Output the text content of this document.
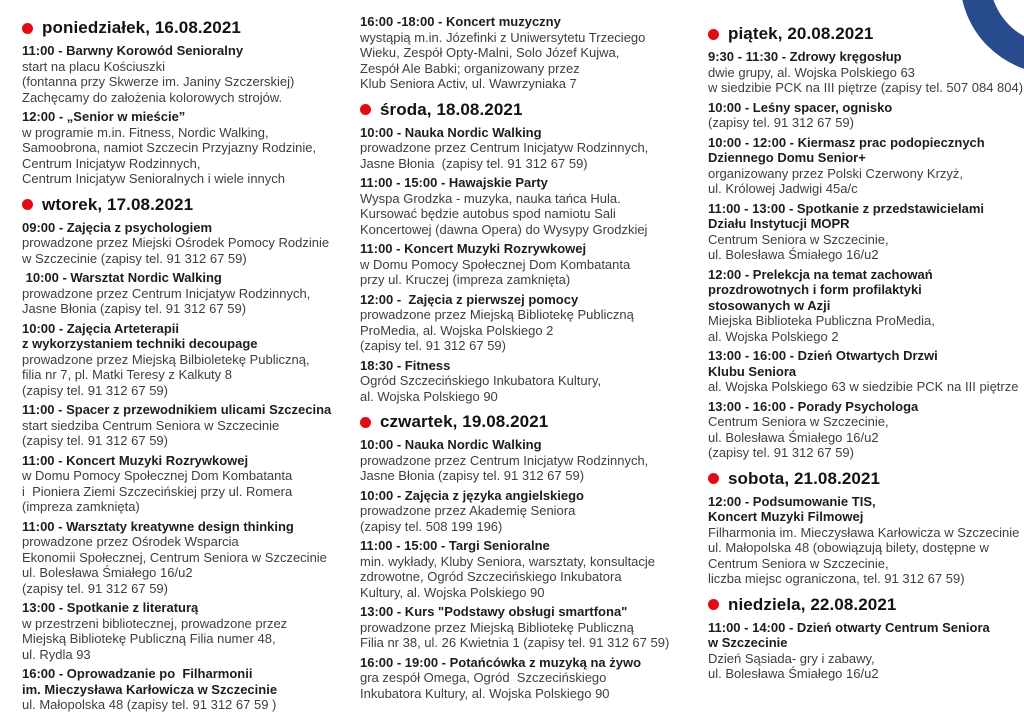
poniedziałek, 16.08.2021
11:00 - Barwny Korowód Senioralny
start na placu Kościuszki
(fontanna przy Skwerze im. Janiny Szczerskiej)
Zachęcamy do założenia kolorowych strojów.
12:00 - „Senior w mieście”
w programie m.in. Fitness, Nordic Walking,
Samoobrona, namiot Szczecin Przyjazny Rodzinie,
Centrum Inicjatyw Rodzinnych,
Centrum Inicjatyw Senioralnych i wiele innych
wtorek, 17.08.2021
09:00 - Zajęcia z psychologiem
prowadzone przez Miejski Ośrodek Pomocy Rodzinie
w Szczecinie (zapisy tel. 91 312 67 59)
10:00 - Warsztat Nordic Walking
prowadzone przez Centrum Inicjatyw Rodzinnych,
Jasne Błonia (zapisy tel. 91 312 67 59)
10:00 - Zajęcia Arteterapii
z wykorzystaniem techniki decoupage
prowadzone przez Miejską Bilbioletekę Publiczną,
filia nr 7, pl. Matki Teresy z Kalkuty 8
(zapisy tel. 91 312 67 59)
11:00 - Spacer z przewodnikiem ulicami Szczecina
start siedziba Centrum Seniora w Szczecinie
(zapisy tel. 91 312 67 59)
11:00 - Koncert Muzyki Rozrywkowej
w Domu Pomocy Społecznej Dom Kombatanta
i  Pioniera Ziemi Szczecińskiej przy ul. Romera
(impreza zamknięta)
11:00 - Warsztaty kreatywne design thinking
prowadzone przez Ośrodek Wsparcia
Ekonomii Społecznej, Centrum Seniora w Szczecinie
ul. Bolesława Śmiałego 16/u2
(zapisy tel. 91 312 67 59)
13:00 - Spotkanie z literaturą
w przestrzeni bibliotecznej, prowadzone przez
Miejską Bibliotekę Publiczną Filia numer 48,
ul. Rydla 93
16:00 - Oprowadzanie po  Filharmonii
im. Mieczysława Karłowicza w Szczecinie
ul. Małopolska 48 (zapisy tel. 91 312 67 59 )
16:00 -18:00 - Koncert muzyczny
wystąpią m.in. Józefinki z Uniwersytetu Trzeciego
Wieku, Zespół Opty-Malni, Solo Józef Kujwa,
Zespół Ale Babki; organizowany przez
Klub Seniora Activ, ul. Wawrzyniaka 7
środa, 18.08.2021
10:00 - Nauka Nordic Walking
prowadzone przez Centrum Inicjatyw Rodzinnych,
Jasne Błonia  (zapisy tel. 91 312 67 59)
11:00 - 15:00 - Hawajskie Party
Wyspa Grodzka - muzyka, nauka tańca Hula.
Kursować będzie autobus spod namiotu Sali
Koncertowej (dawna Opera) do Wysypy Grodzkiej
11:00 - Koncert Muzyki Rozrywkowej
w Domu Pomocy Społecznej Dom Kombatanta
przy ul. Kruczej (impreza zamknięta)
12:00 -  Zajęcia z pierwszej pomocy
prowadzone przez Miejską Bibliotekę Publiczną
ProMedia, al. Wojska Polskiego 2
(zapisy tel. 91 312 67 59)
18:30 - Fitness
Ogród Szczecińskiego Inkubatora Kultury,
al. Wojska Polskiego 90
czwartek, 19.08.2021
10:00 - Nauka Nordic Walking
prowadzone przez Centrum Inicjatyw Rodzinnych,
Jasne Błonia (zapisy tel. 91 312 67 59)
10:00 - Zajęcia z języka angielskiego
prowadzone przez Akademię Seniora
(zapisy tel. 508 199 196)
11:00 - 15:00 - Targi Senioralne
min. wykłady, Kluby Seniora, warsztaty, konsultacje
zdrowotne, Ogród Szczecińskiego Inkubatora
Kultury, al. Wojska Polskiego 90
13:00 - Kurs "Podstawy obsługi smartfona"
prowadzone przez Miejską Bibliotekę Publiczną
Filia nr 38, ul. 26 Kwietnia 1 (zapisy tel. 91 312 67 59)
16:00 - 19:00 - Potańcówka z muzyką na żywo
gra zespół Omega, Ogród  Szczecińskiego
Inkubatora Kultury, al. Wojska Polskiego 90
piątek, 20.08.2021
9:30 - 11:30 - Zdrowy kręgosłup
dwie grupy, al. Wojska Polskiego 63
w siedzibie PCK na III piętrze (zapisy tel. 507 084 804)
10:00 - Leśny spacer, ognisko
(zapisy tel. 91 312 67 59)
10:00 - 12:00 - Kiermasz prac podopiecznych
Dziennego Domu Senior+
organizowany przez Polski Czerwony Krzyż,
ul. Królowej Jadwigi 45a/c
11:00 - 13:00 - Spotkanie z przedstawicielami
Działu Instytucji MOPR
Centrum Seniora w Szczecinie,
ul. Bolesława Śmiałego 16/u2
12:00 - Prelekcja na temat zachowań
prozdrowotnych i form profilaktyki
stosowanych w Azji
Miejska Biblioteka Publiczna ProMedia,
al. Wojska Polskiego 2
13:00 - 16:00 - Dzień Otwartych Drzwi
Klubu Seniora
al. Wojska Polskiego 63 w siedzibie PCK na III piętrze
13:00 - 16:00 - Porady Psychologa
Centrum Seniora w Szczecinie,
ul. Bolesława Śmiałego 16/u2
(zapisy tel. 91 312 67 59)
sobota, 21.08.2021
12:00 - Podsumowanie TIS,
Koncert Muzyki Filmowej
Filharmonia im. Mieczysława Karłowicza w Szczecinie
ul. Małopolska 48 (obowiązują bilety, dostępne w
Centrum Seniora w Szczecinie,
liczba miejsc ograniczona, tel. 91 312 67 59)
niedziela, 22.08.2021
11:00 - 14:00 - Dzień otwarty Centrum Seniora
w Szczecinie
Dzień Sąsiada- gry i zabawy,
ul. Bolesława Śmiałego 16/u2
